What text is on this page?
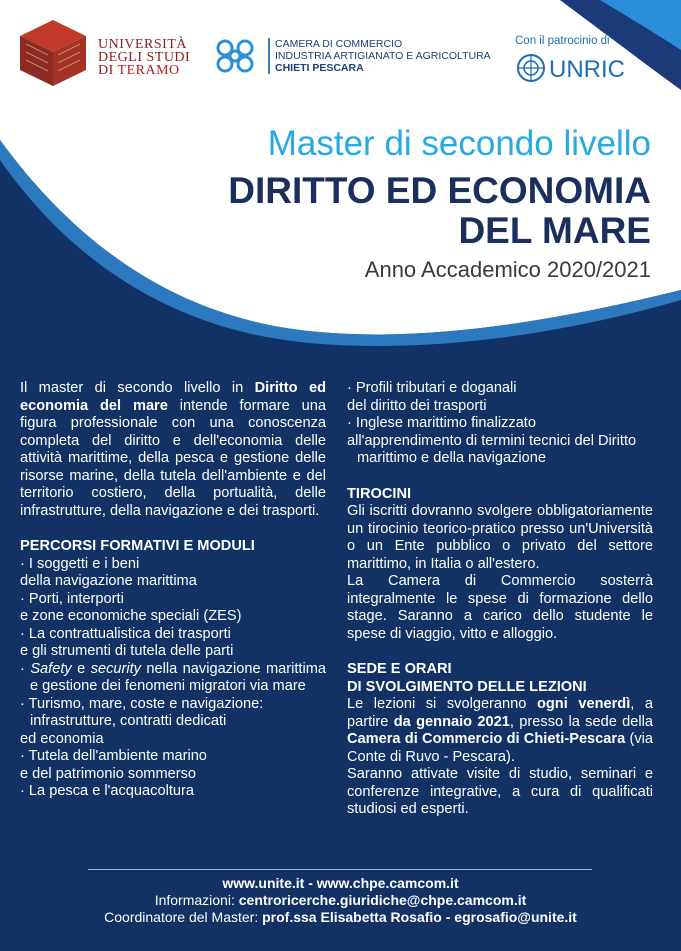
UNIVERSITÀ
DEGLI STUDI
DI TERAMO
CAMERA DI COMMERCIO
INDUSTRIA ARTIGIANATO E AGRICOLTURA
CHIETI PESCARA
Con il patrocinio di
UNRIC
Master di secondo livello
DIRITTO ED ECONOMIA
DEL MARE
Anno Accademico 2020/2021
Il master di secondo livello in Diritto ed economia del mare intende formare una figura professionale con una conoscenza completa del diritto e dell'economia delle attività marittime, della pesca e gestione delle risorse marine, della tutela dell'ambiente e del territorio costiero, della portualità, delle infrastrutture, della navigazione e dei trasporti.
PERCORSI FORMATIVI E MODULI
· I soggetti e i beni
della navigazione marittima
· Porti, interporti
e zone economiche speciali (ZES)
· La contrattualistica dei trasporti
e gli strumenti di tutela delle parti
· Safety e security nella navigazione marittima e gestione dei fenomeni migratori via mare
· Turismo, mare, coste e navigazione: infrastrutture, contratti dedicati
ed economia
· Tutela dell'ambiente marino
e del patrimonio sommerso
· La pesca e l'acquacoltura
· Profili tributari e doganali
del diritto dei trasporti
· Inglese marittimo finalizzato
all'apprendimento di termini tecnici del Diritto marittimo e della navigazione
TIROCINI
Gli iscritti dovranno svolgere obbligatoriamente un tirocinio teorico-pratico presso un'Università o un Ente pubblico o privato del settore marittimo, in Italia o all'estero.
La Camera di Commercio sosterrà integralmente le spese di formazione dello stage. Saranno a carico dello studente le spese di viaggio, vitto e alloggio.
SEDE E ORARI
DI SVOLGIMENTO DELLE LEZIONI
Le lezioni si svolgeranno ogni venerdì, a partire da gennaio 2021, presso la sede della Camera di Commercio di Chieti-Pescara (via Conte di Ruvo - Pescara).
Saranno attivate visite di studio, seminari e conferenze integrative, a cura di qualificati studiosi ed esperti.
www.unite.it - www.chpe.camcom.it
Informazioni: centroricerche.giuridiche@chpe.camcom.it
Coordinatore del Master: prof.ssa Elisabetta Rosafio - egrosafio@unite.it
